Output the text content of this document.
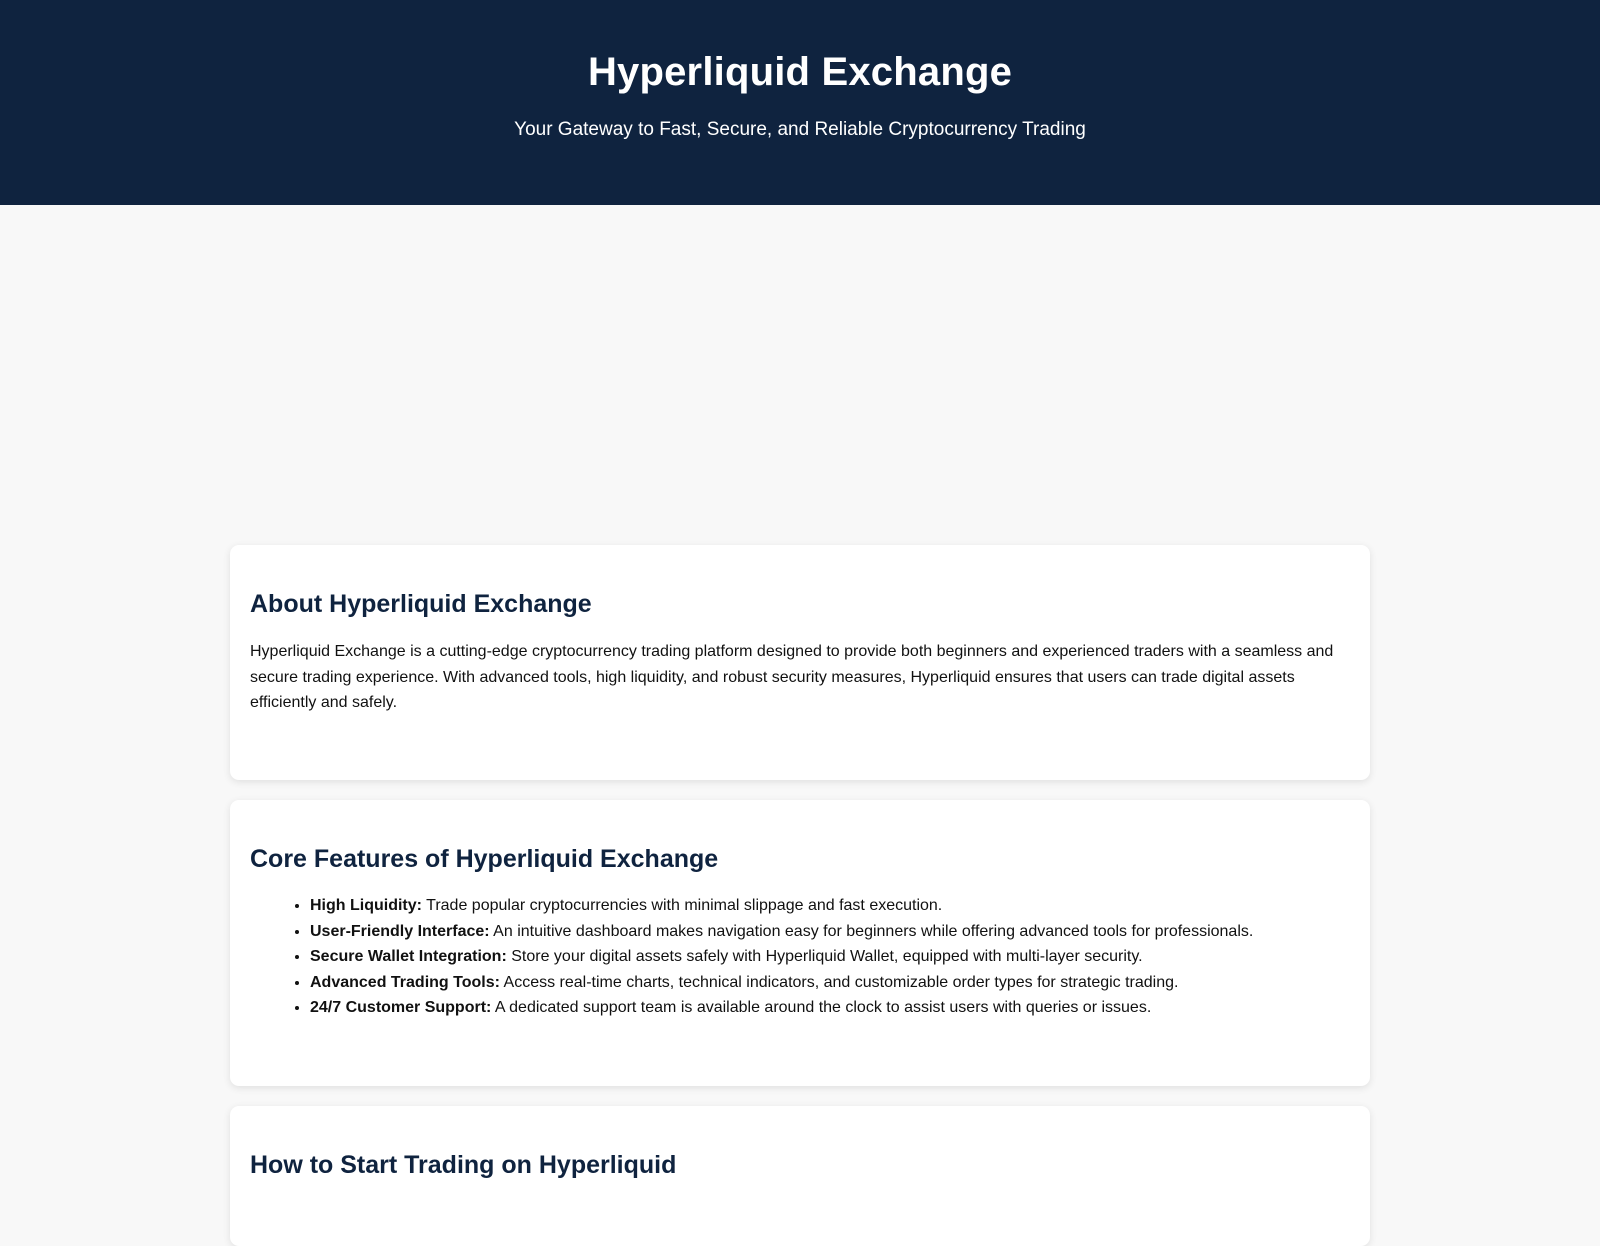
Hyperliquid Exchange

Your Gateway to Fast, Secure, and Reliable Cryptocurrency Trading

About Hyperliquid Exchange

Hyperliquid Exchange is a cutting-edge cryptocurrency trading platform designed to provide both beginners and experienced traders with a seamless and secure trading experience. With advanced tools, high liquidity, and robust security measures, Hyperliquid ensures that users can trade digital assets efficiently and safely.

Core Features of Hyperliquid Exchange
• High Liquidity: Trade popular cryptocurrencies with minimal slippage and fast execution.
• User-Friendly Interface: An intuitive dashboard makes navigation easy for beginners while offering advanced tools for professionals.
• Secure Wallet Integration: Store your digital assets safely with Hyperliquid Wallet, equipped with multi-layer security.
• Advanced Trading Tools: Access real-time charts, technical indicators, and customizable order types for strategic trading.
• 24/7 Customer Support: A dedicated support team is available around the clock to assist users with queries or issues.
How to Start Trading on Hyperliquid
